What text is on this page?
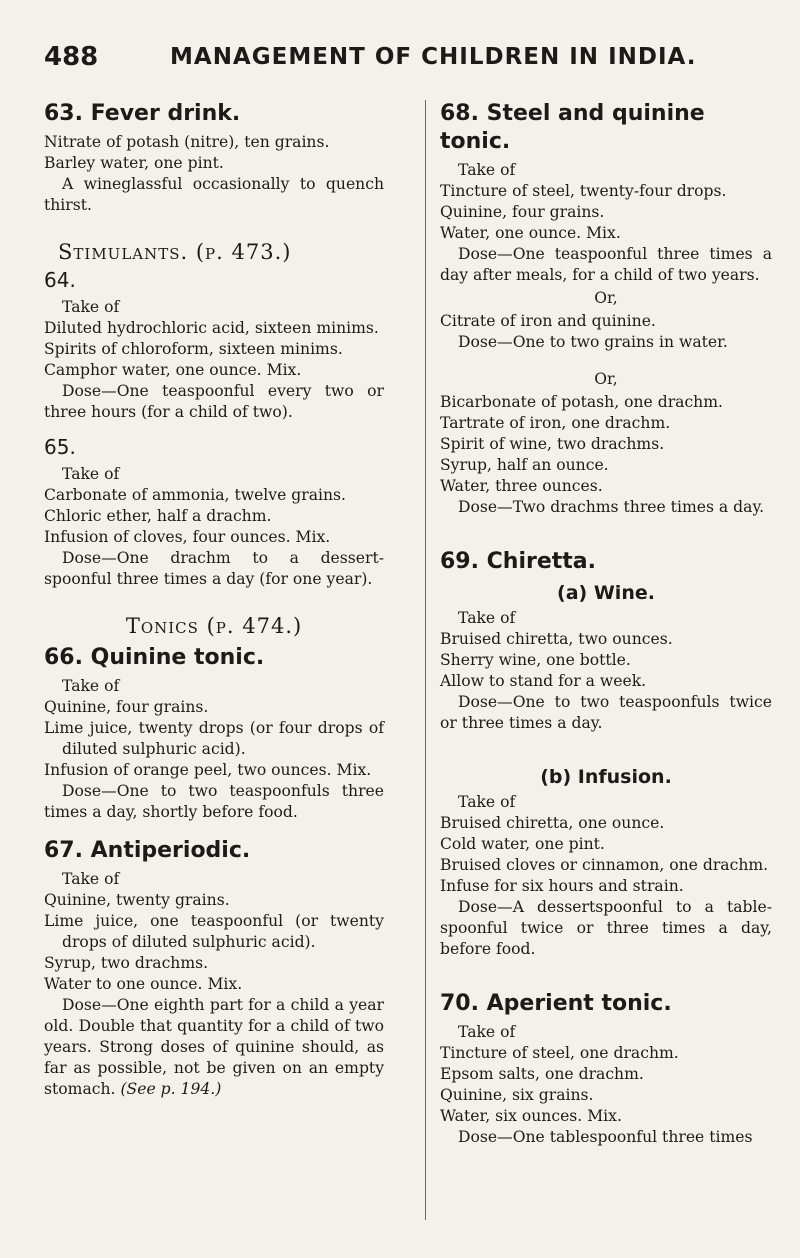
488	MANAGEMENT OF CHILDREN IN INDIA.
63. Fever drink.

Nitrate of potash (nitre), ten grains.

Barley water, one pint.

A wineglassful occasionally to quench thirst.

Stimulants. (p. 473.)

64.

Take of

Diluted hydrochloric acid, sixteen minims.

Spirits of chloroform, sixteen minims.

Camphor water, one ounce. Mix.

Dose—One teaspoonful every two or three hours (for a child of two).

65.

Take of

Carbonate of ammonia, twelve grains.

Chloric ether, half a drachm.

Infusion of cloves, four ounces. Mix.

Dose—One drachm to a dessert-spoonful three times a day (for one year).

Tonics (p. 474.)
66. Quinine tonic.

Take of

Quinine, four grains.

Lime juice, twenty drops (or four drops of diluted sulphuric acid).

Infusion of orange peel, two ounces. Mix.

Dose—One to two teaspoonfuls three times a day, shortly before food.

67. Antiperiodic.

Take of

Quinine, twenty grains.

Lime juice, one teaspoonful (or twenty drops of diluted sulphuric acid).

Syrup, two drachms.

Water to one ounce. Mix.

Dose—One eighth part for a child a year old. Double that quantity for a child of two years. Strong doses of quinine should, as far as possible, not be given on an empty stomach. (See p. 194.)

68. Steel and quinine tonic.

Take of

Tincture of steel, twenty-four drops.

Quinine, four grains.

Water, one ounce. Mix.

Dose—One teaspoonful three times a day after meals, for a child of two years.

Or,

Citrate of iron and quinine.

Dose—One to two grains in water.

Or,

Bicarbonate of potash, one drachm.

Tartrate of iron, one drachm.

Spirit of wine, two drachms.

Syrup, half an ounce.

Water, three ounces.

Dose—Two drachms three times a day.

69. Chiretta.
(a) Wine.

Take of

Bruised chiretta, two ounces.

Sherry wine, one bottle.

Allow to stand for a week.

Dose—One to two teaspoonfuls twice or three times a day.

(b) Infusion.

Take of

Bruised chiretta, one ounce.

Cold water, one pint.

Bruised cloves or cinnamon, one drachm.

Infuse for six hours and strain.

Dose—A dessertspoonful to a table-spoonful twice or three times a day, before food.

70. Aperient tonic.

Take of

Tincture of steel, one drachm.

Epsom salts, one drachm.

Quinine, six grains.

Water, six ounces. Mix.

Dose—One tablespoonful three times
